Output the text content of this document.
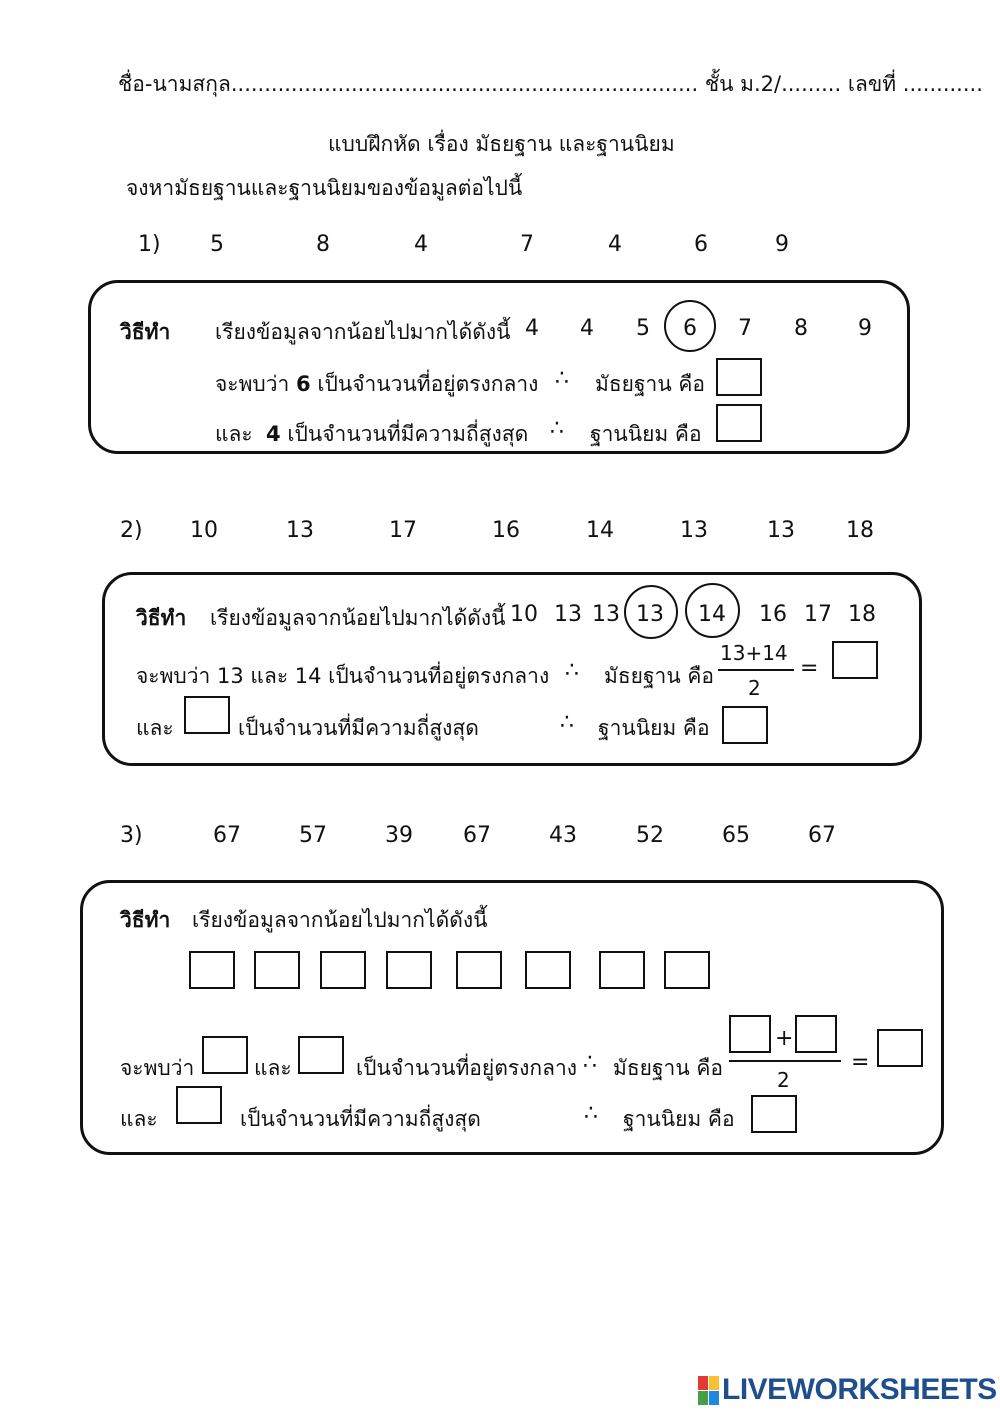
ชื่อ-นามสกุล...................................................................... ชั้น ม.2/......... เลขที่ ............
แบบฝึกหัด เรื่อง มัธยฐาน และฐานนิยม
จงหามัธยฐานและฐานนิยมของข้อมูลต่อไปนี้
1) 5	8	4	7	4	6	9
วิธีทำ เรียงข้อมูลจากน้อยไปมากได้ดังนี้ 4 4 5 6 7 8 9
จะพบว่า 6 เป็นจำนวนที่อยู่ตรงกลาง ∴ มัธยฐาน คือ
และ 4 เป็นจำนวนที่มีความถี่สูงสุด ∴ ฐานนิยม คือ
2) 10	13	17	16	14	13	13 18
วิธีทำ เรียงข้อมูลจากน้อยไปมากได้ดังนี้ 10 13 13 13 14 16 17 18
จะพบว่า 13 และ 14 เป็นจำนวนที่อยู่ตรงกลาง ∴ มัธยฐาน คือ
13+14
2
=
และ	เป็นจำนวนที่มีความถี่สูงสุด	∴ ฐานนิยม คือ
3)	67	57	39 67	43	52	65	67
วิธีทำ เรียงข้อมูลจากน้อยไปมากได้ดังนี้
จะพบว่า	และ	เป็นจำนวนที่อยู่ตรงกลาง ∴ มัธยฐาน คือ
+
2
=
และ	เป็นจำนวนที่มีความถี่สูงสุด	∴ ฐานนิยม คือ
LIVEWORKSHEETS
